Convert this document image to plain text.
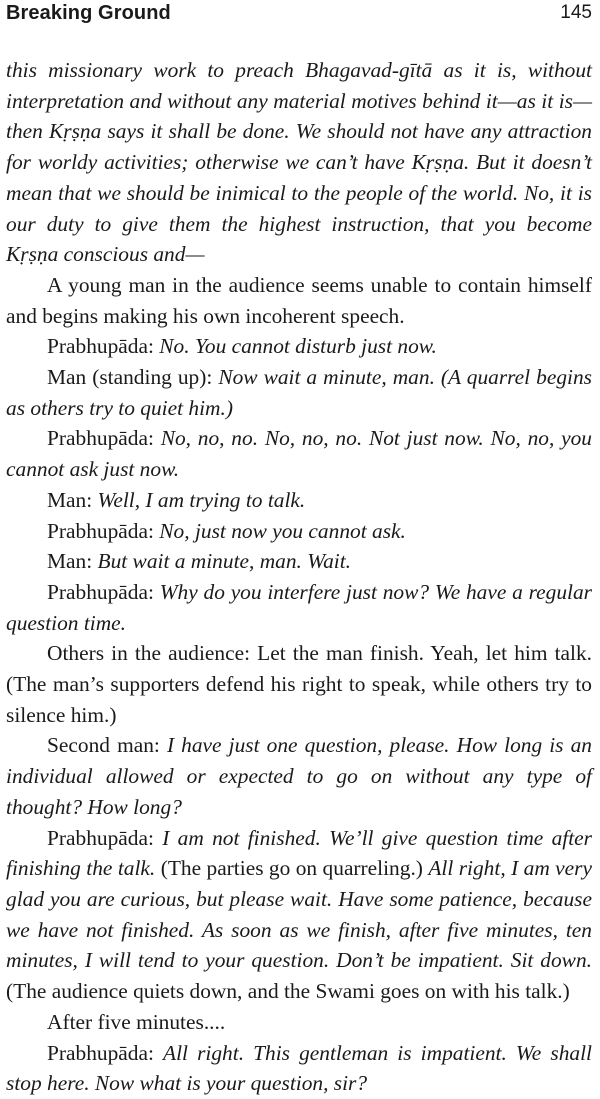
Breaking Ground	145

this missionary work to preach Bhagavad-gītā as it is, without interpretation and without any material motives behind it—as it is—then Kṛṣṇa says it shall be done. We should not have any attraction for worldy activities; otherwise we can’t have Kṛṣṇa. But it doesn’t mean that we should be inimical to the people of the world. No, it is our duty to give them the highest instruction, that you become Kṛṣṇa conscious and—

A young man in the audience seems unable to contain himself and begins making his own incoherent speech.

Prabhupāda: No. You cannot disturb just now.

Man (standing up): Now wait a minute, man. (A quarrel begins as others try to quiet him.)

Prabhupāda: No, no, no. No, no, no. Not just now. No, no, you cannot ask just now.

Man: Well, I am trying to talk.

Prabhupāda: No, just now you cannot ask.

Man: But wait a minute, man. Wait.

Prabhupāda: Why do you interfere just now? We have a regular question time.

Others in the audience: Let the man finish. Yeah, let him talk. (The man’s supporters defend his right to speak, while others try to silence him.)

Second man: I have just one question, please. How long is an individual allowed or expected to go on without any type of thought? How long?

Prabhupāda: I am not finished. We’ll give question time after finishing the talk. (The parties go on quarreling.) All right, I am very glad you are curious, but please wait. Have some patience, because we have not finished. As soon as we finish, after five minutes, ten minutes, I will tend to your question. Don’t be impatient. Sit down. (The audience quiets down, and the Swami goes on with his talk.)

After five minutes....

Prabhupāda: All right. This gentleman is impatient. We shall stop here. Now what is your question, sir?
